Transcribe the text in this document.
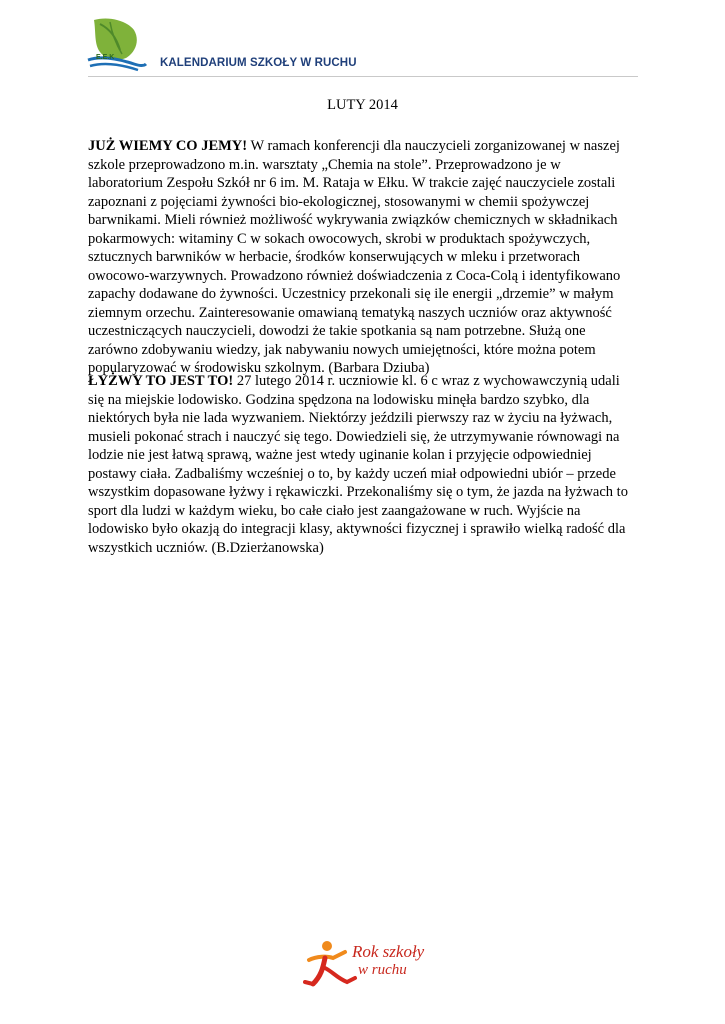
E.E.K	KALENDARIUM SZKOŁY W RUCHU
LUTY 2014
JUŻ WIEMY CO JEMY! W ramach konferencji dla nauczycieli zorganizowanej w naszej
szkole przeprowadzono m.in. warsztaty „Chemia na stole”. Przeprowadzono je w
laboratorium Zespołu Szkół nr 6 im. M. Rataja w Ełku. W trakcie zajęć nauczyciele zostali
zapoznani z pojęciami żywności bio-ekologicznej, stosowanymi w chemii spożywczej
barwnikami. Mieli również możliwość wykrywania związków chemicznych w składnikach
pokarmowych: witaminy C w sokach owocowych, skrobi w produktach spożywczych,
sztucznych barwników w herbacie, środków konserwujących w mleku i przetworach
owocowo-warzywnych. Prowadzono również doświadczenia z Coca-Colą i identyfikowano
zapachy dodawane do żywności. Uczestnicy przekonali się ile energii „drzemie” w małym
ziemnym orzechu. Zainteresowanie omawianą tematyką naszych uczniów oraz aktywność
uczestniczących nauczycieli, dowodzi że takie spotkania są nam potrzebne. Służą one
zarówno zdobywaniu wiedzy, jak nabywaniu nowych umiejętności, które można potem
popularyzować w środowisku szkolnym. (Barbara Dziuba)
ŁYŻWY TO JEST TO! 27 lutego 2014 r. uczniowie kl. 6 c wraz z wychowawczynią udali
się na miejskie lodowisko. Godzina spędzona na lodowisku minęła bardzo szybko, dla
niektórych była nie lada wyzwaniem. Niektórzy jeździli pierwszy raz w życiu na łyżwach,
musieli pokonać strach i nauczyć się tego. Dowiedzieli się, że utrzymywanie równowagi na
lodzie nie jest łatwą sprawą, ważne jest wtedy uginanie kolan i przyjęcie odpowiedniej
postawy ciała. Zadbaliśmy wcześniej o to, by każdy uczeń miał odpowiedni ubiór – przede
wszystkim dopasowane łyżwy i rękawiczki. Przekonaliśmy się o tym, że jazda na łyżwach to
sport dla ludzi w każdym wieku, bo całe ciało jest zaangażowane w ruch. Wyjście na
lodowisko było okazją do integracji klasy, aktywności fizycznej i sprawiło wielką radość dla
wszystkich uczniów. (B.Dzierżanowska)
Rok szkoły
w ruchu
